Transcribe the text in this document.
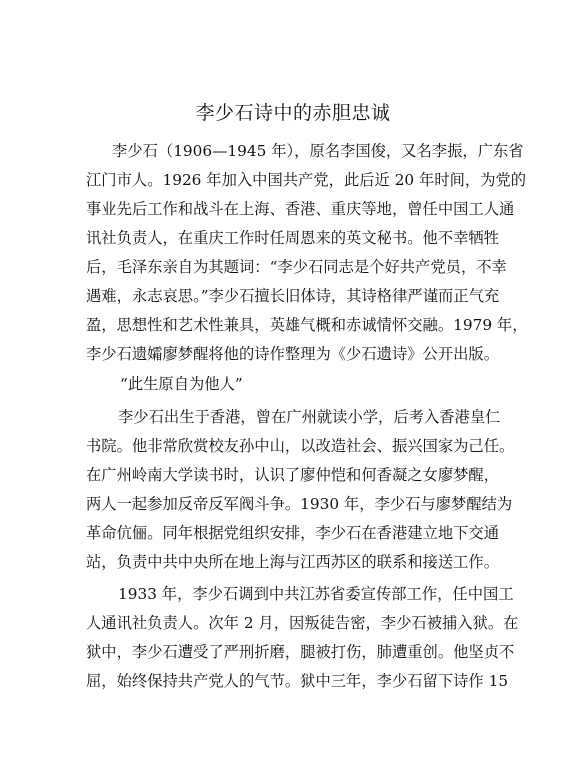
李少石诗中的赤胆忠诚

李少石（1906—1945 年），原名李国俊，又名李振，广东省

江门市人。1926 年加入中国共产党，此后近 20 年时间，为党的

事业先后工作和战斗在上海、香港、重庆等地，曾任中国工人通

讯社负责人，在重庆工作时任周恩来的英文秘书。他不幸牺牲

后，毛泽东亲自为其题词：“李少石同志是个好共产党员，不幸

遇难，永志哀思。”李少石擅长旧体诗，其诗格律严谨而正气充

盈，思想性和艺术性兼具，英雄气概和赤诚情怀交融。1979 年，

李少石遗孀廖梦醒将他的诗作整理为《少石遗诗》公开出版。

“此生原自为他人”

李少石出生于香港，曾在广州就读小学，后考入香港皇仁

书院。他非常欣赏校友孙中山，以改造社会、振兴国家为己任。

在广州岭南大学读书时，认识了廖仲恺和何香凝之女廖梦醒，

两人一起参加反帝反军阀斗争。1930 年，李少石与廖梦醒结为

革命伉俪。同年根据党组织安排，李少石在香港建立地下交通

站，负责中共中央所在地上海与江西苏区的联系和接送工作。

1933 年，李少石调到中共江苏省委宣传部工作，任中国工

人通讯社负责人。次年 2 月，因叛徒告密，李少石被捕入狱。在

狱中，李少石遭受了严刑折磨，腿被打伤，肺遭重创。他坚贞不

屈，始终保持共产党人的气节。狱中三年，李少石留下诗作 15
